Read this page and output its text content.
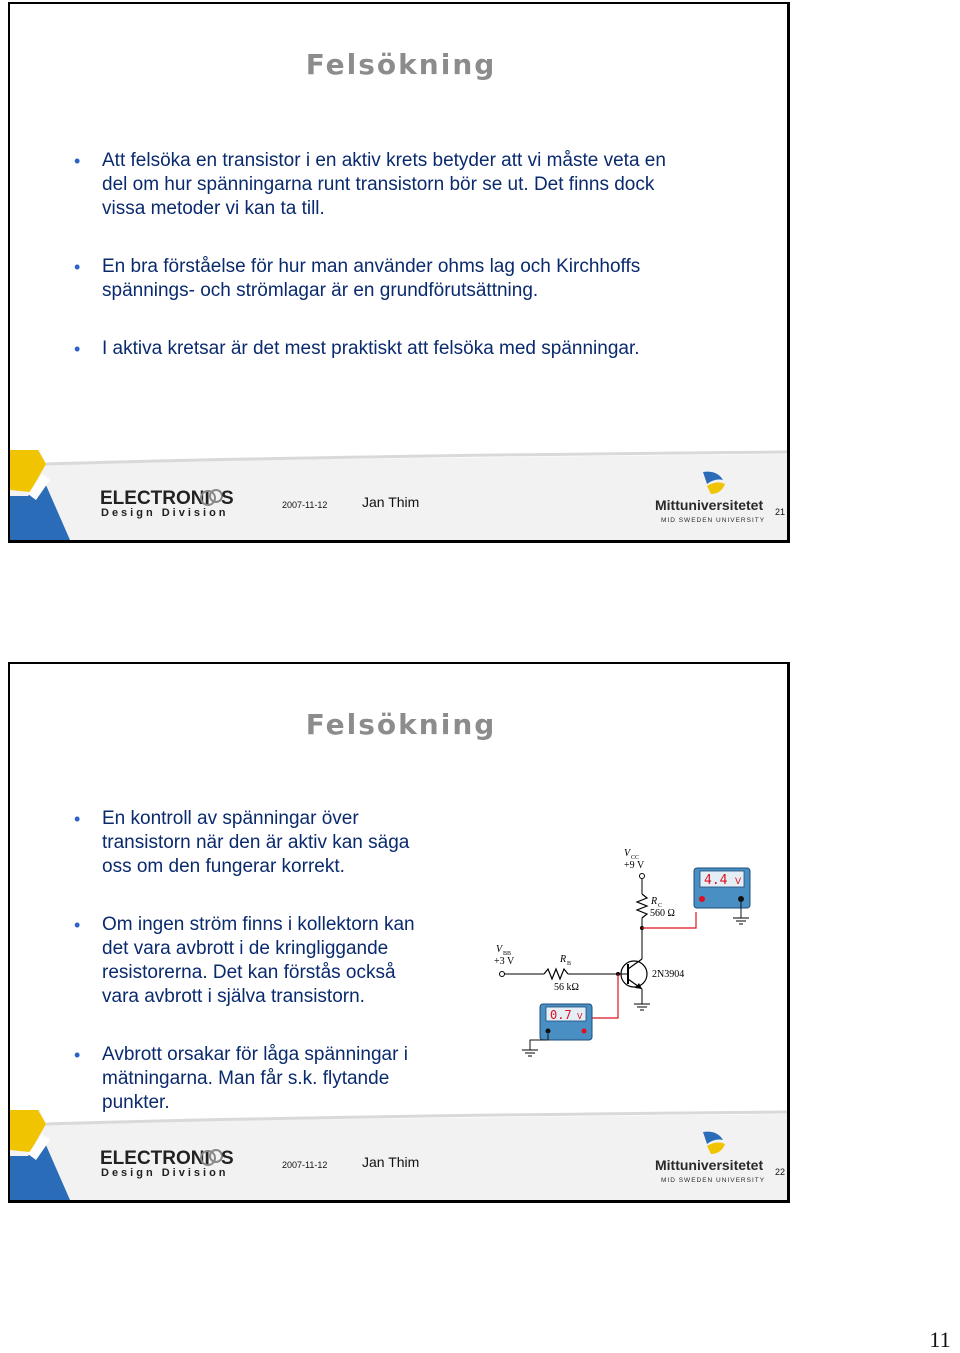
Felsökning
• Att felsöka en transistor i en aktiv krets betyder att vi måste veta en
del om hur spänningarna runt transistorn bör se ut. Det finns dock
vissa metoder vi kan ta till.
• En bra förståelse för hur man använder ohms lag och Kirchhoffs
spännings- och strömlagar är en grundförutsättning.
• I aktiva kretsar är det mest praktiskt att felsöka med spänningar.
ELECTRONI S
Design Division
2007-11-12 Jan Thim	Mittuniversitetet
MID SWEDEN UNIVERSITY
21
Felsökning
• En kontroll av spänningar över
transistorn när den är aktiv kan säga
oss om den fungerar korrekt.
• Om ingen ström finns i kollektorn kan
det vara avbrott i de kringliggande
resistorerna. Det kan förstås också
vara avbrott i själva transistorn.
• Avbrott orsakar för låga spänningar i
mätningarna. Man får s.k. flytande
punkter.
V CC
+9 V
R C
560 Ω
4.4 V
2N3904
R B
56 kΩ
V BB
+3 V
0.7 V
ELECTRONI S
Design Division
2007-11-12 Jan Thim	Mittuniversitetet
MID SWEDEN UNIVERSITY
22
11
